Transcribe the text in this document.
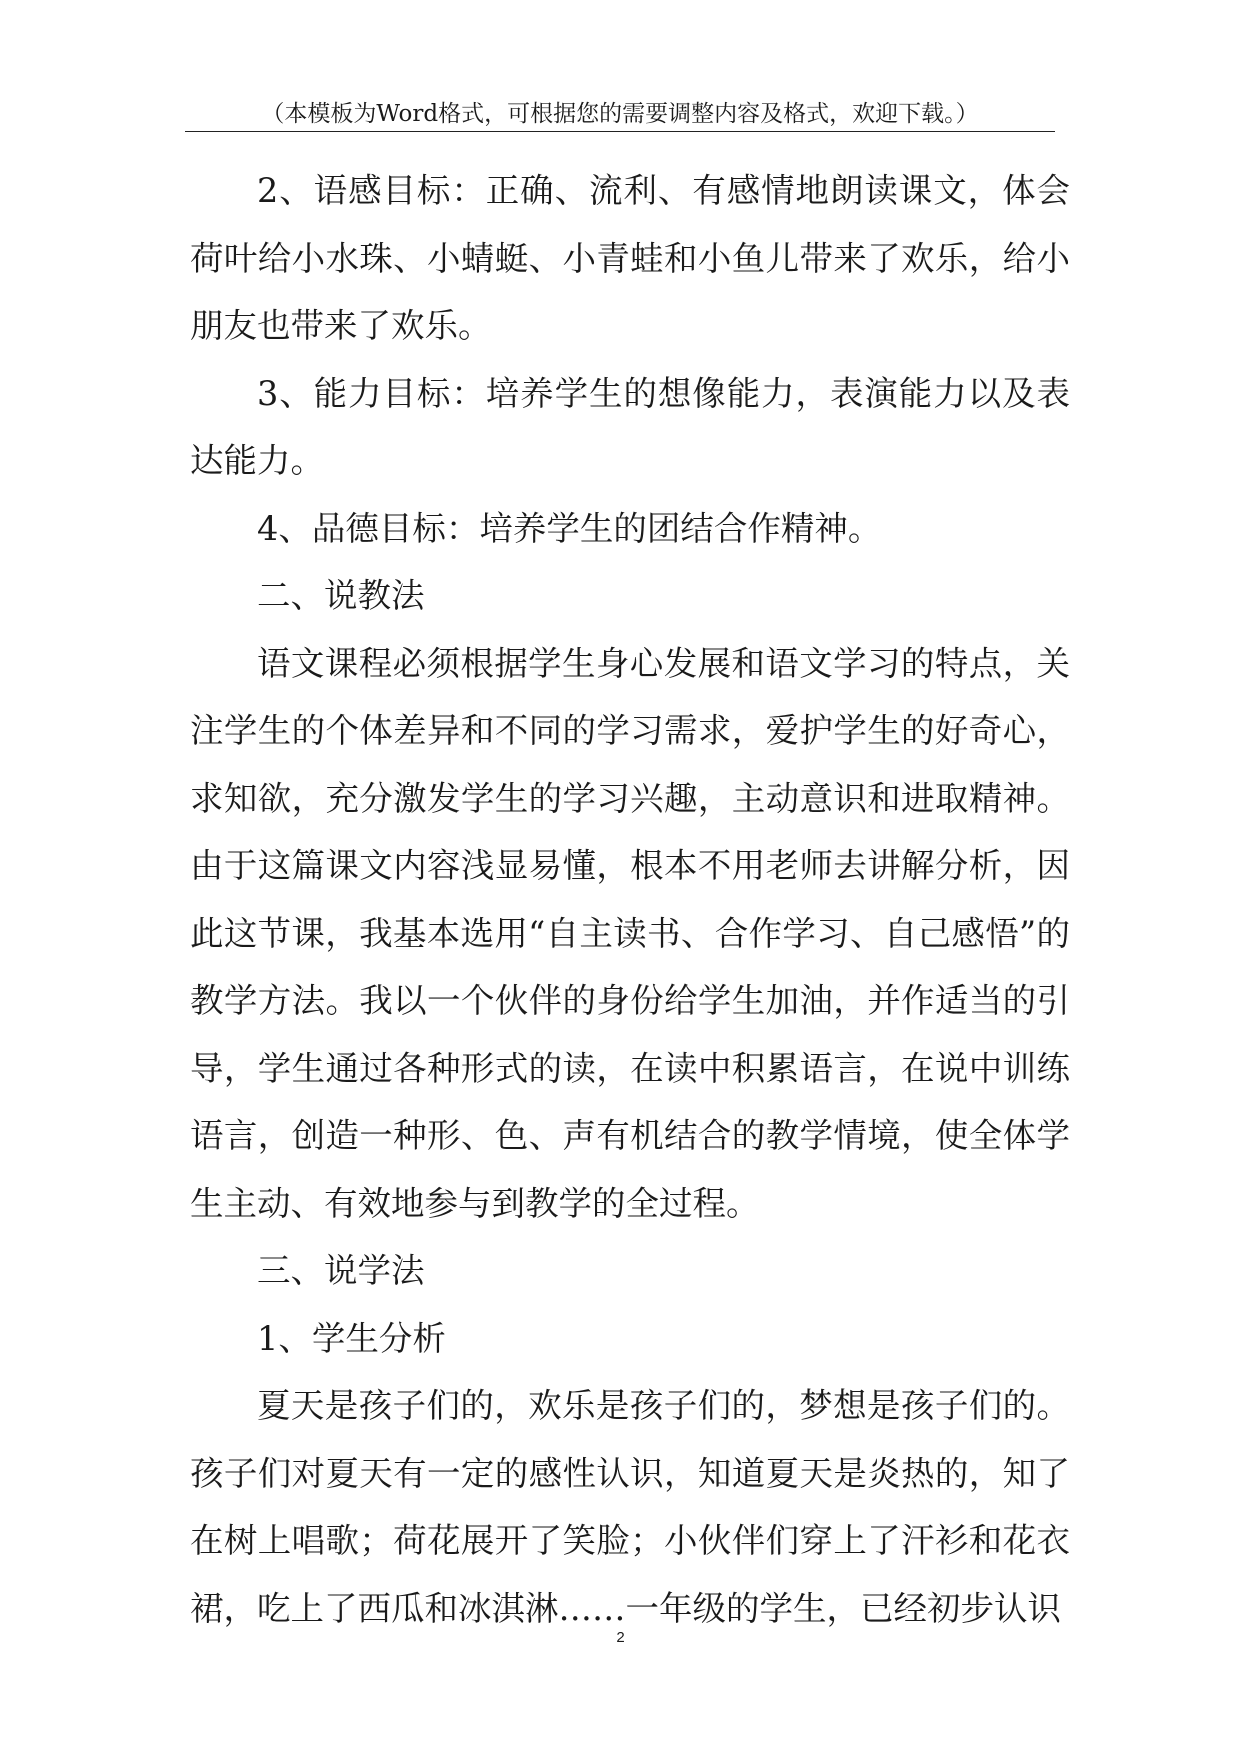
（本模板为Word格式，可根据您的需要调整内容及格式，欢迎下载。）

2、语感目标：正确、流利、有感情地朗读课文，体会荷叶给小水珠、小蜻蜓、小青蛙和小鱼儿带来了欢乐，给小朋友也带来了欢乐。

3、能力目标：培养学生的想像能力，表演能力以及表达能力。

4、品德目标：培养学生的团结合作精神。

二、说教法

语文课程必须根据学生身心发展和语文学习的特点，关注学生的个体差异和不同的学习需求，爱护学生的好奇心，求知欲，充分激发学生的学习兴趣，主动意识和进取精神。由于这篇课文内容浅显易懂，根本不用老师去讲解分析，因此这节课，我基本选用“自主读书、合作学习、自己感悟”的教学方法。我以一个伙伴的身份给学生加油，并作适当的引导，学生通过各种形式的读，在读中积累语言，在说中训练语言，创造一种形、色、声有机结合的教学情境，使全体学生主动、有效地参与到教学的全过程。

三、说学法

1、学生分析

夏天是孩子们的，欢乐是孩子们的，梦想是孩子们的。孩子们对夏天有一定的感性认识，知道夏天是炎热的，知了在树上唱歌；荷花展开了笑脸；小伙伴们穿上了汗衫和花衣裙，吃上了西瓜和冰淇淋……一年级的学生，已经初步认识

2
